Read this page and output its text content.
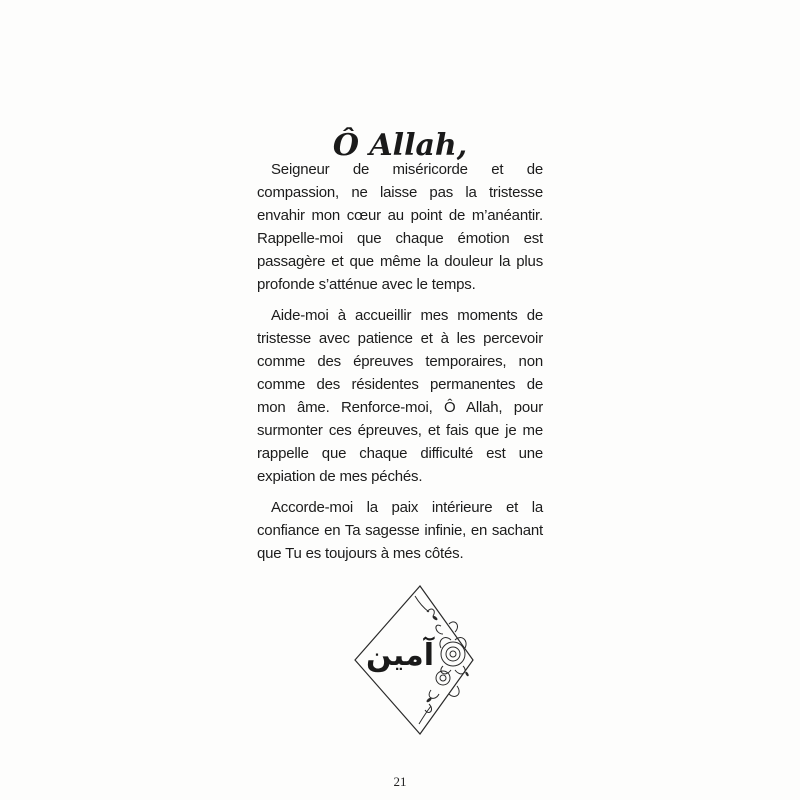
Ô Allah,

Seigneur de miséricorde et de compassion, ne laisse pas la tristesse envahir mon cœur au point de m’anéantir. Rappelle-moi que chaque émotion est passagère et que même la douleur la plus profonde s’atténue avec le temps.

Aide-moi à accueillir mes moments de tristesse avec patience et à les percevoir comme des épreuves temporaires, non comme des résidentes permanentes de mon âme. Renforce-moi, Ô Allah, pour surmonter ces épreuves, et fais que je me rappelle que chaque difficulté est une expiation de mes péchés.

Accorde-moi la paix intérieure et la confiance en Ta sagesse infinie, en sachant que Tu es toujours à mes côtés.

آمين
21
